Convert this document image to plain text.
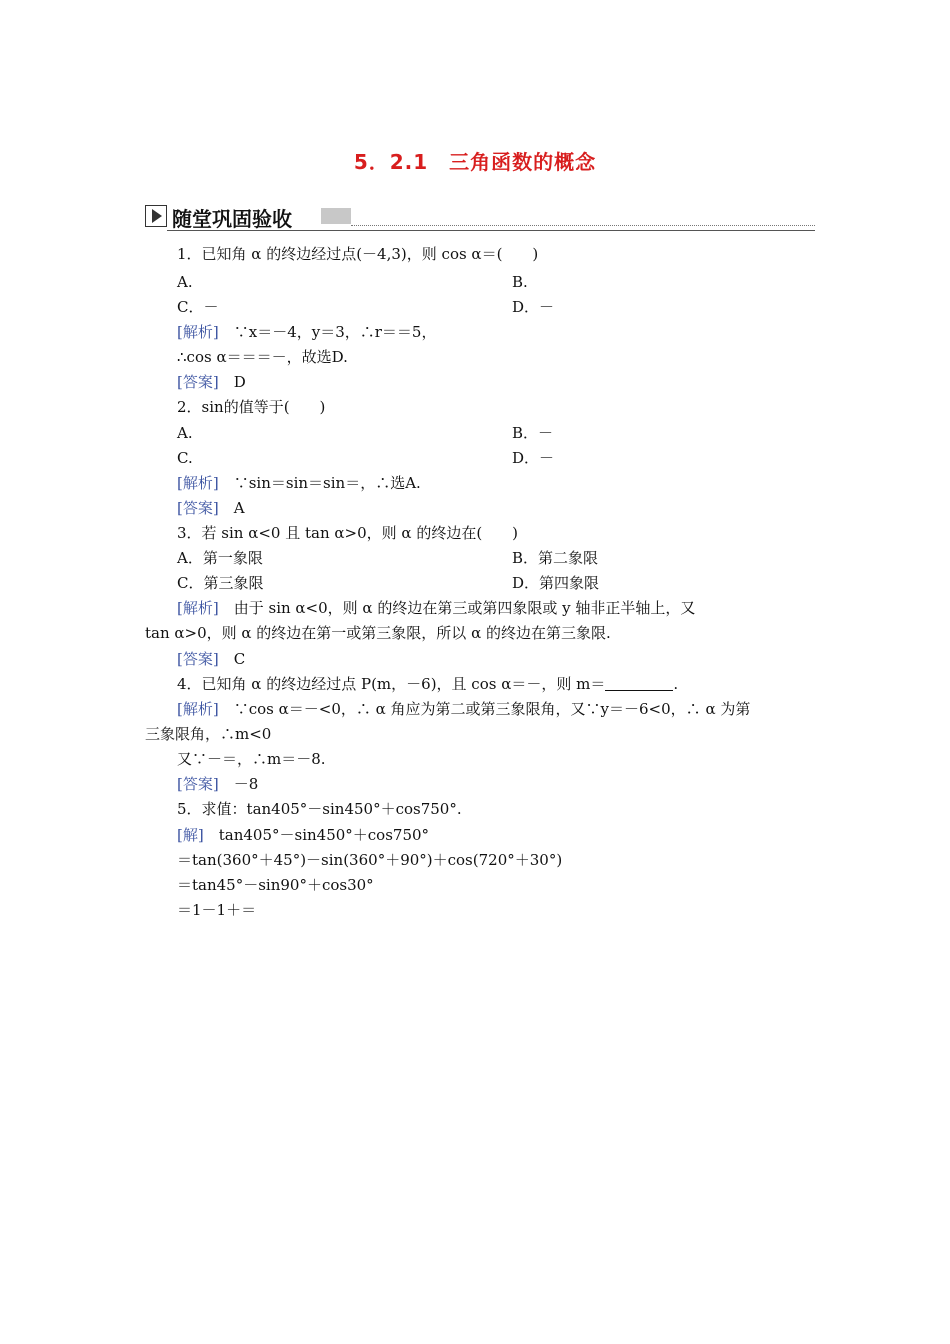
5．2.1　三角函数的概念
随堂巩固验收
1．已知角 α 的终边经过点(－4,3)，则 cos α＝(　　)
A.	B.
C．－	D．－
[解析]　 ∵x＝－4，y＝3，∴r＝＝5，
∴cos α＝＝＝－，故选D.
[答案]　 D
2．sin的值等于(　　)
A.	B．－
C.	D．－
[解析]　 ∵sin＝sin＝sin＝，∴选A.
[答案]　 A
3．若 sin α<0 且 tan α>0，则 α 的终边在(　　)
A．第一象限	B．第二象限
C．第三象限	D．第四象限
[解析]　 由于 sin α<0，则 α 的终边在第三或第四象限或 y 轴非正半轴上，又
tan α>0，则 α 的终边在第一或第三象限，所以 α 的终边在第三象限.
[答案]　 C
4．已知角 α 的终边经过点 P(m，－6)，且 cos α＝－，则 m＝	.
[解析]　 ∵cos α＝－<0，∴ α 角应为第二或第三象限角，又∵y＝－6<0，∴ α 为第
三象限角，∴m<0
又∵－＝，∴m＝－8.
[答案]　 －8
5．求值：tan405°－sin450°＋cos750°.
[解]　 tan405°－sin450°＋cos750°
＝tan(360°＋45°)－sin(360°＋90°)＋cos(720°＋30°)
＝tan45°－sin90°＋cos30°
＝1－1＋＝
